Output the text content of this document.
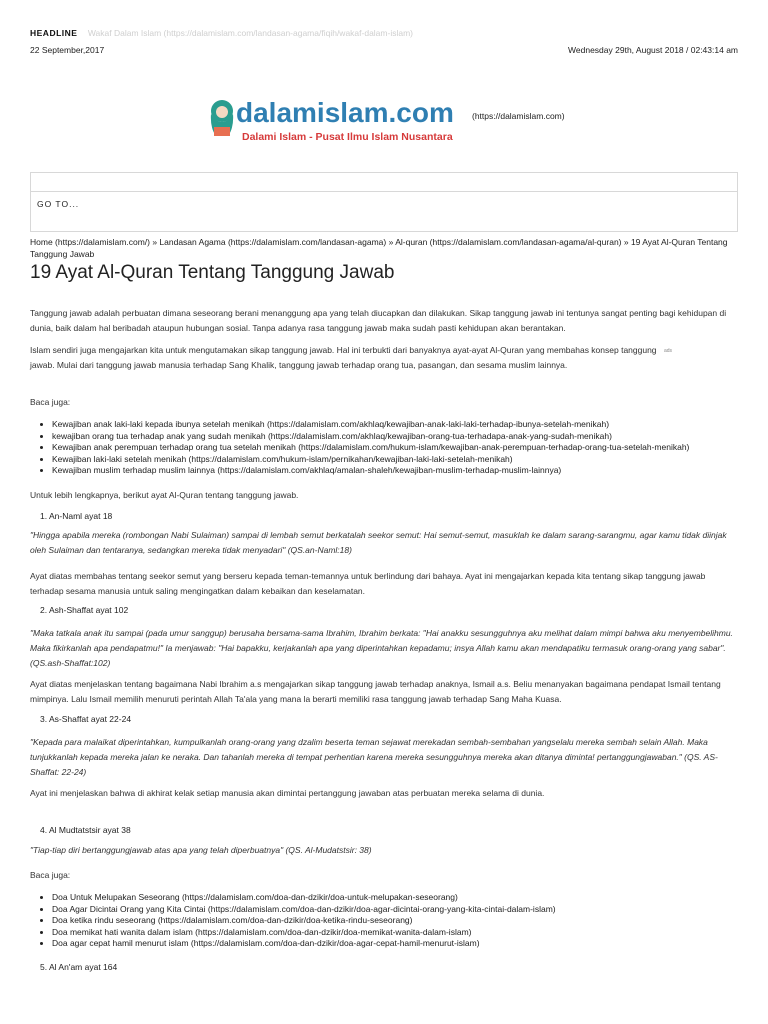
HEADLINE Wakaf Dalam Islam (https://dalamislam.com/landasan-agama/fiqih/wakaf-dalam-islam)
22 September,2017	Wednesday 29th, August 2018 / 02:43:14 am
dalamislam.com
Dalami Islam - Pusat Ilmu Islam Nusantara
(https://dalamislam.com)
GO TO...
Home (https://dalamislam.com/) » Landasan Agama (https://dalamislam.com/landasan-agama) » Al-quran (https://dalamislam.com/landasan-agama/al-quran) » 19 Ayat Al-Quran Tentang Tanggung Jawab
19 Ayat Al-Quran Tentang Tanggung Jawab

Tanggung jawab adalah perbuatan dimana seseorang berani menanggung apa yang telah diucapkan dan dilakukan. Sikap tanggung jawab ini tentunya sangat penting bagi kehidupan di dunia, baik dalam hal beribadah ataupun hubungan sosial. Tanpa adanya rasa tanggung jawab maka sudah pasti kehidupan akan berantakan.

Islam sendiri juga mengajarkan kita untuk mengutamakan sikap tanggung jawab. Hal ini terbukti dari banyaknya ayat-ayat Al-Quran yang membahas konsep tanggung jawab. Mulai dari tanggung jawab manusia terhadap Sang Khalik, tanggung jawab terhadap orang tua, pasangan, dan sesama muslim lainnya.

ads

Baca juga:

• Kewajiban anak laki-laki kepada ibunya setelah menikah (https://dalamislam.com/akhlaq/kewajiban-anak-laki-laki-terhadap-ibunya-setelah-menikah)
• kewajiban orang tua terhadap anak yang sudah menikah (https://dalamislam.com/akhlaq/kewajiban-orang-tua-terhadapa-anak-yang-sudah-menikah)
• Kewajiban anak perempuan terhadap orang tua setelah menikah (https://dalamislam.com/hukum-islam/kewajiban-anak-perempuan-terhadap-orang-tua-setelah-menikah)
• Kewajiban laki-laki setelah menikah (https://dalamislam.com/hukum-islam/pernikahan/kewajiban-laki-laki-setelah-menikah)
• Kewajiban muslim terhadap muslim lainnya (https://dalamislam.com/akhlaq/amalan-shaleh/kewajiban-muslim-terhadap-muslim-lainnya)

Untuk lebih lengkapnya, berikut ayat Al-Quran tentang tanggung jawab.

1. An-Naml ayat 18

"Hingga apabila mereka (rombongan Nabi Sulaiman) sampai di lembah semut berkatalah seekor semut: Hai semut-semut, masuklah ke dalam sarang-sarangmu, agar kamu tidak diinjak oleh Sulaiman dan tentaranya, sedangkan mereka tidak menyadari" (QS.an-Naml:18)

Ayat diatas membahas tentang seekor semut yang berseru kepada teman-temannya untuk berlindung dari bahaya. Ayat ini mengajarkan kepada kita tentang sikap tanggung jawab terhadap sesama manusia untuk saling mengingatkan dalam kebaikan dan keselamatan.

2. Ash-Shaffat ayat 102

"Maka tatkala anak itu sampai (pada umur sanggup) berusaha bersama-sama Ibrahim, Ibrahim berkata: "Hai anakku sesungguhnya aku melihat dalam mimpi bahwa aku menyembelihmu. Maka fikirkanlah apa pendapatmu!" Ia menjawab: "Hai bapakku, kerjakanlah apa yang diperintahkan kepadamu; insya Allah kamu akan mendapatiku termasuk orang-orang yang sabar". (QS.ash-Shaffat:102)

Ayat diatas menjelaskan tentang bagaimana Nabi Ibrahim a.s mengajarkan sikap tanggung jawab terhadap anaknya, Ismail a.s. Beliu menanyakan bagaimana pendapat Ismail tentang mimpinya. Lalu Ismail memilih menuruti perintah Allah Ta'ala yang mana la berarti memiliki rasa tanggung jawab terhadap Sang Maha Kuasa.

3. As-Shaffat ayat 22-24

"Kepada para malaikat diperintahkan, kumpulkanlah orang-orang yang dzalim beserta teman sejawat merekadan sembah-sembahan yangselalu mereka sembah selain Allah. Maka tunjukkanlah kepada mereka jalan ke neraka. Dan tahanlah mereka di tempat perhentian karena mereka sesungguhnya mereka akan ditanya diminta! pertanggungjawaban." (QS. AS-Shaffat: 22-24)

Ayat ini menjelaskan bahwa di akhirat kelak setiap manusia akan dimintai pertanggung jawaban atas perbuatan mereka selama di dunia.

4. Al Mudtatstsir ayat 38

"Tiap-tiap diri bertanggungjawab atas apa yang telah diperbuatnya" (QS. Al-Mudatstsir: 38)

Baca juga:

• Doa Untuk Melupakan Seseorang (https://dalamislam.com/doa-dan-dzikir/doa-untuk-melupakan-seseorang)
• Doa Agar Dicintai Orang yang Kita Cintai (https://dalamislam.com/doa-dan-dzikir/doa-agar-dicintai-orang-yang-kita-cintai-dalam-islam)
• Doa ketika rindu seseorang (https://dalamislam.com/doa-dan-dzikir/doa-ketika-rindu-seseorang)
• Doa memikat hati wanita dalam islam (https://dalamislam.com/doa-dan-dzikir/doa-memikat-wanita-dalam-islam)
• Doa agar cepat hamil menurut islam (https://dalamislam.com/doa-dan-dzikir/doa-agar-cepat-hamil-menurut-islam)
5. Al An'am ayat 164
